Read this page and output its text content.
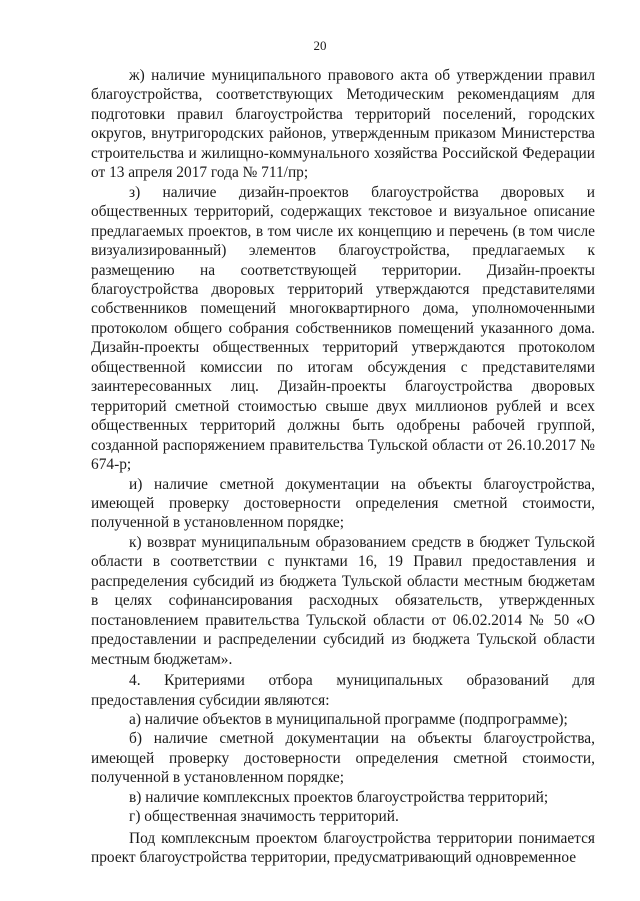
20

ж) наличие муниципального правового акта об утверждении правил благоустройства, соответствующих Методическим рекомендациям для подготовки правил благоустройства территорий поселений, городских округов, внутригородских районов, утвержденным приказом Министерства строительства и жилищно-коммунального хозяйства Российской Федерации от 13 апреля 2017 года № 711/пр;

з) наличие дизайн-проектов благоустройства дворовых и общественных территорий, содержащих текстовое и визуальное описание предлагаемых проектов, в том числе их концепцию и перечень (в том числе визуализированный) элементов благоустройства, предлагаемых к размещению на соответствующей территории. Дизайн-проекты благоустройства дворовых территорий утверждаются представителями собственников помещений многоквартирного дома, уполномоченными протоколом общего собрания собственников помещений указанного дома. Дизайн-проекты общественных территорий утверждаются протоколом общественной комиссии по итогам обсуждения с представителями заинтересованных лиц. Дизайн-проекты благоустройства дворовых территорий сметной стоимостью свыше двух миллионов рублей и всех общественных территорий должны быть одобрены рабочей группой, созданной распоряжением правительства Тульской области от 26.10.2017 № 674-р;

и) наличие сметной документации на объекты благоустройства, имеющей проверку достоверности определения сметной стоимости, полученной в установленном порядке;

к) возврат муниципальным образованием средств в бюджет Тульской области в соответствии с пунктами 16, 19 Правил предоставления и распределения субсидий из бюджета Тульской области местным бюджетам в целях софинансирования расходных обязательств, утвержденных постановлением правительства Тульской области от 06.02.2014 № 50 «О предоставлении и распределении субсидий из бюджета Тульской области местным бюджетам».

4. Критериями отбора муниципальных образований для предоставления субсидии являются:

а) наличие объектов в муниципальной программе (подпрограмме);

б) наличие сметной документации на объекты благоустройства, имеющей проверку достоверности определения сметной стоимости, полученной в установленном порядке;

в) наличие комплексных проектов благоустройства территорий;

г) общественная значимость территорий.

Под комплексным проектом благоустройства территории понимается проект благоустройства территории, предусматривающий одновременное
